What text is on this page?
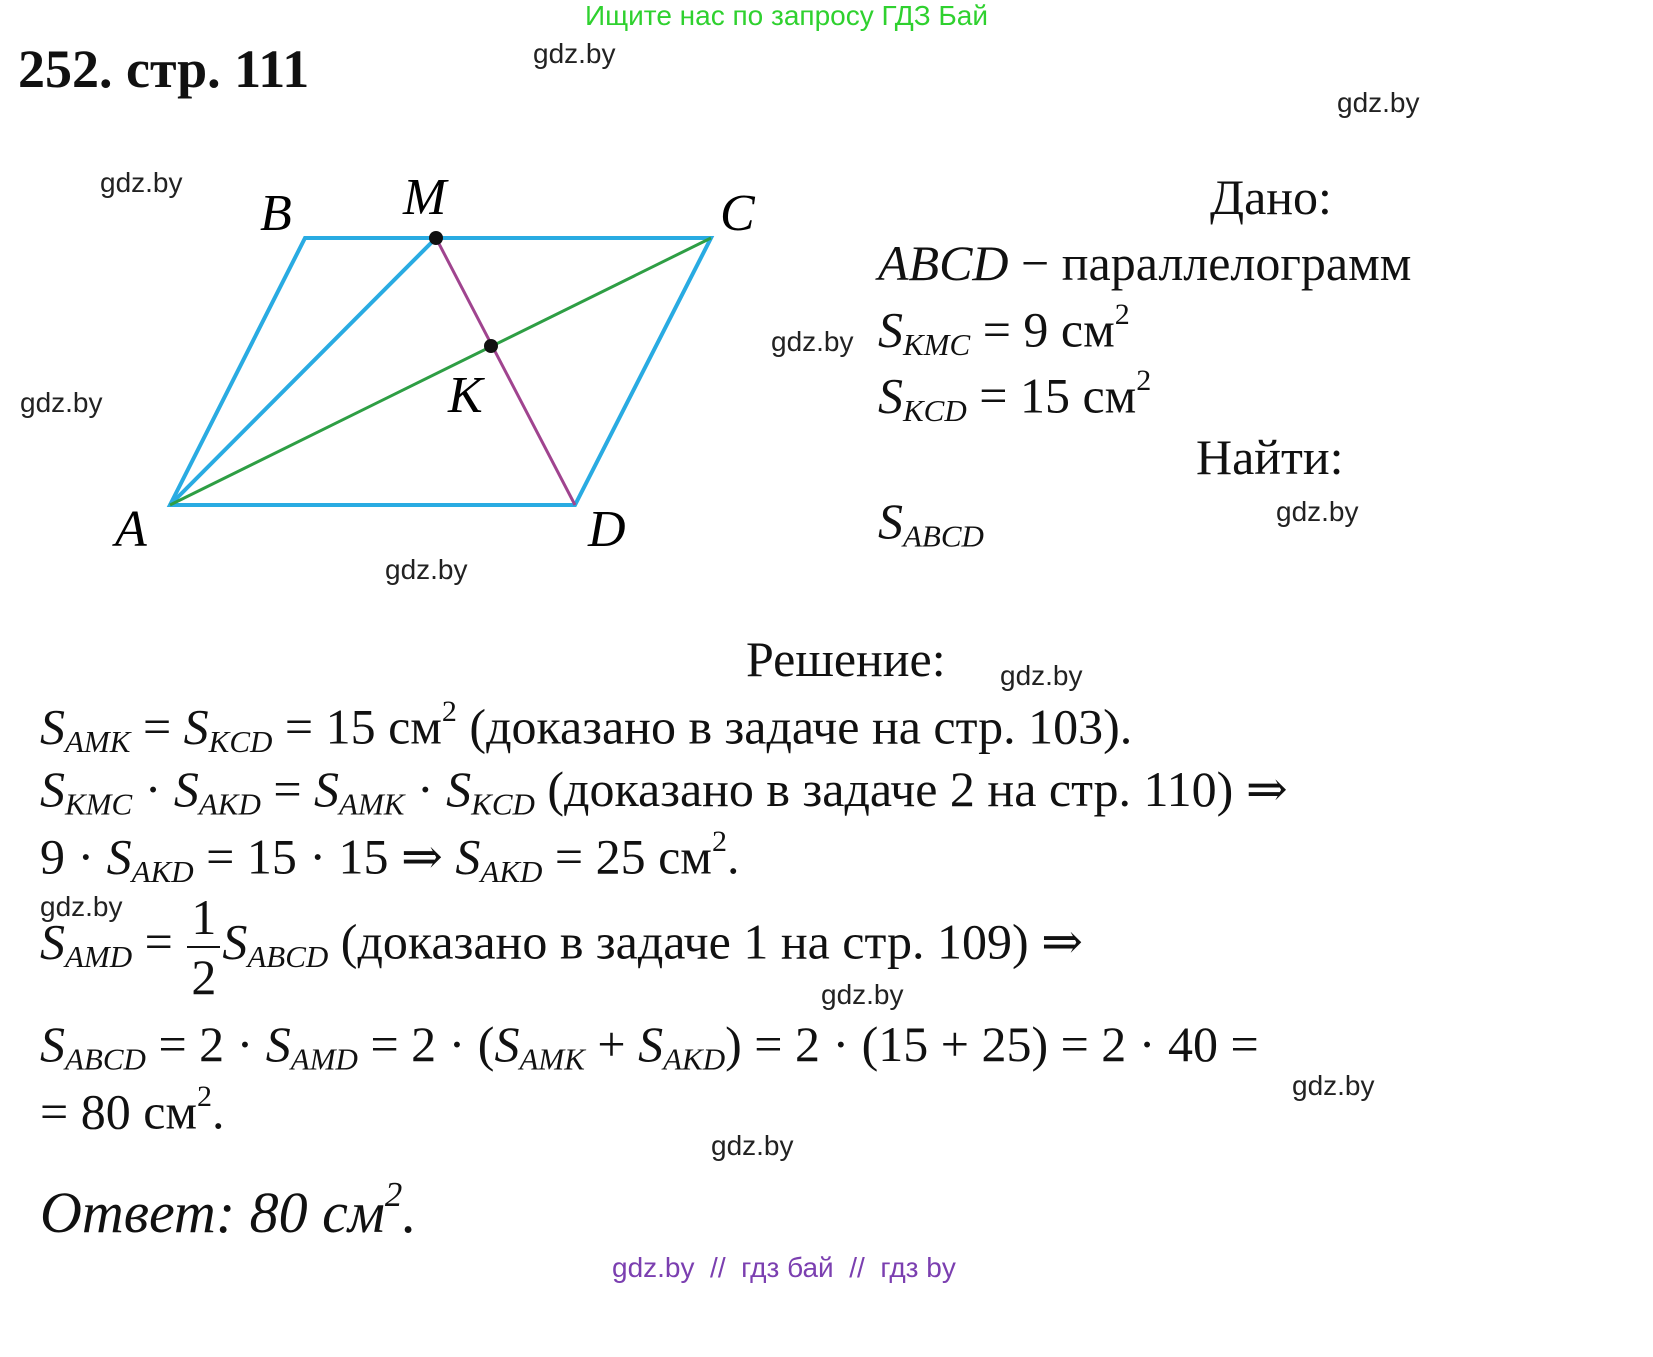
Ищите нас по запросу ГДЗ Бай
252. стр. 111	gdz.by
gdz.by
gdz.by
gdz.by
gdz.by
gdz.by
gdz.by
gdz.by
gdz.by
gdz.by
gdz.by
gdz.by
B M	C
K
A	D
Дано:
ABCD − параллелограмм
$S_{KMC} = 9$ $см^2$
$S_{KCD} = 15$ $см^2$
Найти:
$S_{ABCD}$
Решение:
$S_{AMK} = S_{KCD} = 15$ $см^2$ (доказано в задаче на стр. 103).
$S_{KMC} \cdot S_{AKD} = S_{AMK} \cdot S_{KCD}$ (доказано в задаче 2 на стр. 110) ⇒
$9 \cdot S_{AKD} = 15 \cdot 15$ ⇒ $S_{AKD} = 25$ $см^2$.
$S_{AMD} = \frac{1}{2} S_{ABCD}$ (доказано в задаче 1 на стр. 109) ⇒
$S_{ABCD} = 2 \cdot S_{AMD} = 2 \cdot (S_{AMK} + S_{AKD}) = 2 \cdot (15 + 25) = 2 \cdot 40$ =
= 80 $см^2$.
Ответ: 80 $см^2$.
gdz.by  //  гдз бай  //  гдз by
